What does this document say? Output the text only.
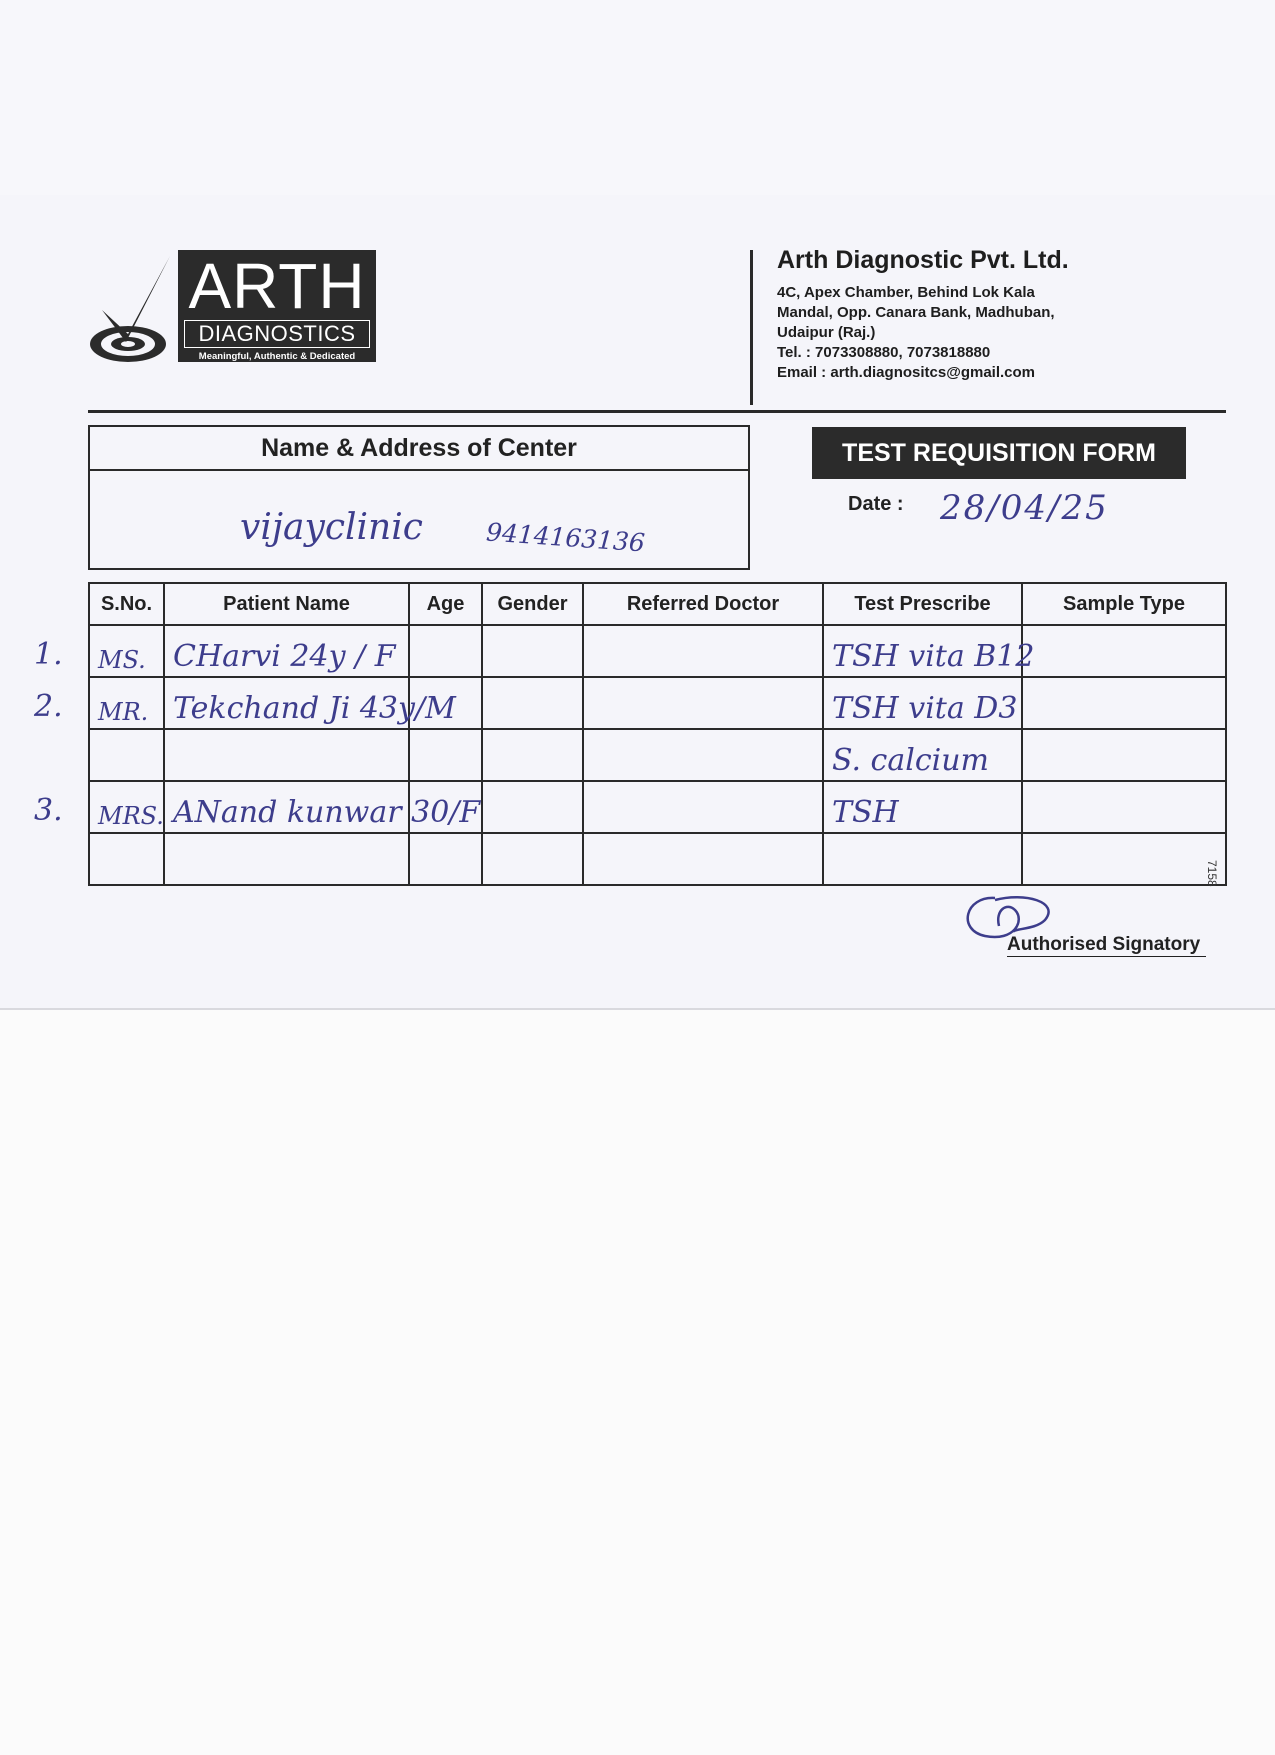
ARTH
DIAGNOSTICS
Meaningful, Authentic & Dedicated
Arth Diagnostic Pvt. Ltd.
4C, Apex Chamber, Behind Lok Kala
Mandal, Opp. Canara Bank, Madhuban,
Udaipur (Raj.)
Tel. : 7073308880, 7073818880
Email : arth.diagnositcs@gmail.com
Name & Address of Center
vijayclinic 9414163136
TEST REQUISITION FORM
Date : 28/04/25
S.No.	Patient Name	Age	Gender	Referred Doctor	Test Prescribe	Sample Type

1. MS.	CHarvi 24y / F				TSH vita B12	

2. MR.	Tekchand Ji 43y/M				TSH vita D3	

					S. calcium	

3. MRS.	ANand kunwar 30/F				TSH	

7158
Authorised Signatory
